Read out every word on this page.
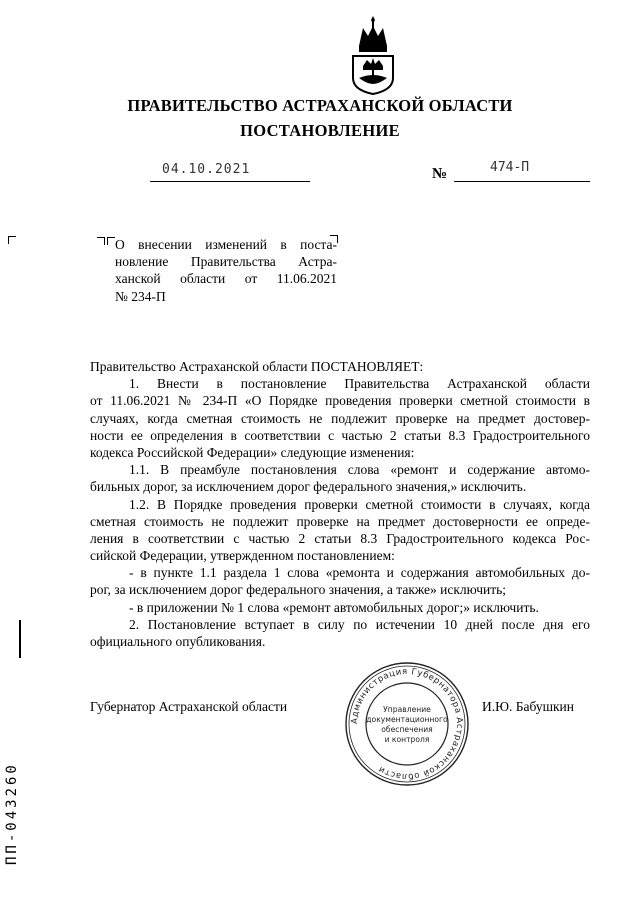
ПРАВИТЕЛЬСТВО АСТРАХАНСКОЙ ОБЛАСТИ
ПОСТАНОВЛЕНИЕ
04.10.2021	№	474-П
О внесении изменений в поста-
новление Правительства Астра-
ханской области от 11.06.2021
№ 234-П
Правительство Астраханской области ПОСТАНОВЛЯЕТ:
1. Внести в постановление Правительства Астраханской области
от 11.06.2021 № 234-П «О Порядке проведения проверки сметной стоимости в
случаях, когда сметная стоимость не подлежит проверке на предмет достовер-
ности ее определения в соответствии с частью 2 статьи 8.3 Градостроительного
кодекса Российской Федерации» следующие изменения:
1.1. В преамбуле постановления слова «ремонт и содержание автомо-
бильных дорог, за исключением дорог федерального значения,» исключить.
1.2. В Порядке проведения проверки сметной стоимости в случаях, когда
сметная стоимость не подлежит проверке на предмет достоверности ее опреде-
ления в соответствии с частью 2 статьи 8.3 Градостроительного кодекса Рос-
сийской Федерации, утвержденном постановлением:
- в пункте 1.1 раздела 1 слова «ремонта и содержания автомобильных до-
рог, за исключением дорог федерального значения, а также» исключить;
- в приложении № 1 слова «ремонт автомобильных дорог;» исключить.
2. Постановление вступает в силу по истечении 10 дней после дня его
официального опубликования.
Губернатор Астраханской области	И.Ю. Бабушкин
Администрация Губернатора Астраханской области
Управление
документационного
обеспечения
и контроля
ПП-043260
